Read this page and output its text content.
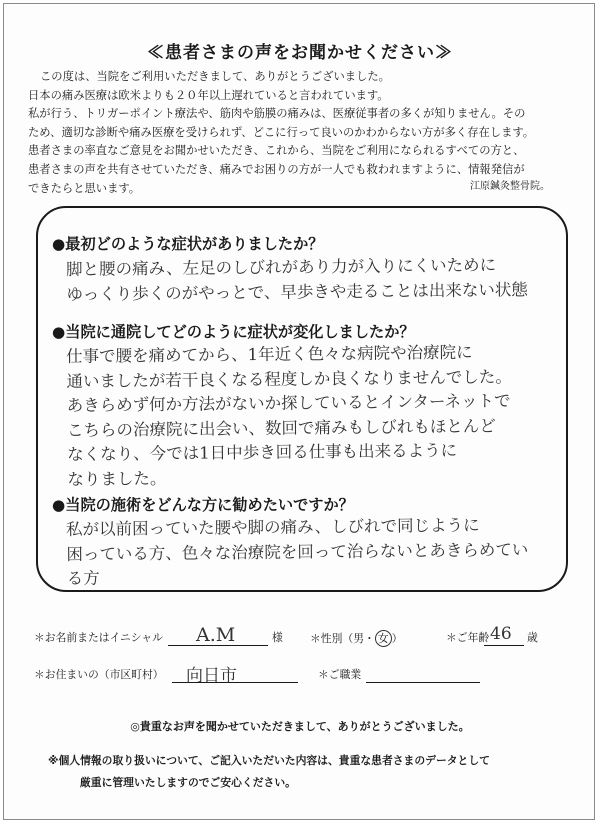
≪患者さまの声をお聞かせください≫
この度は、当院をご利用いただきまして、ありがとうございました。
日本の痛み医療は欧米よりも２０年以上遅れていると言われています。
私が行う、トリガーポイント療法や、筋肉や筋膜の痛みは、医療従事者の多くが知りません。その
ため、適切な診断や痛み医療を受けられず、どこに行って良いのかわからない方が多く存在します。
患者さまの率直なご意見をお聞かせいただき、これから、当院をご利用になられるすべての方と、
患者さまの声を共有させていただき、痛みでお困りの方が一人でも救われますように、情報発信が
できたらと思います。	江原鍼灸整骨院。
●最初どのような症状がありましたか？
脚と腰の痛み、左足のしびれがあり力が入りにくいために
ゆっくり歩くのがやっとで、早歩きや走ることは出来ない状態
●当院に通院してどのように症状が変化しましたか？
仕事で腰を痛めてから、1年近く色々な病院や治療院に
通いましたが若干良くなる程度しか良くなりませんでした。
あきらめず何か方法がないか探しているとインターネットで
こちらの治療院に出会い、数回で痛みもしびれもほとんど
なくなり、今では1日中歩き回る仕事も出来るように
なりました。
●当院の施術をどんな方に勧めたいですか？
私が以前困っていた腰や脚の痛み、しびれで同じように
困っている方、色々な治療院を回って治らないとあきらめてい
る方
＊お名前またはイニシャル A.M	様	＊性別（男・ 女 ）	＊ご年齢 46 歳
＊お住まいの（市区町村） 向日市	＊ご職業
◎貴重なお声を聞かせていただきまして、ありがとうございました。
※個人情報の取り扱いについて、ご記入いただいた内容は、貴重な患者さまのデータとして
厳重に管理いたしますのでご安心ください。
